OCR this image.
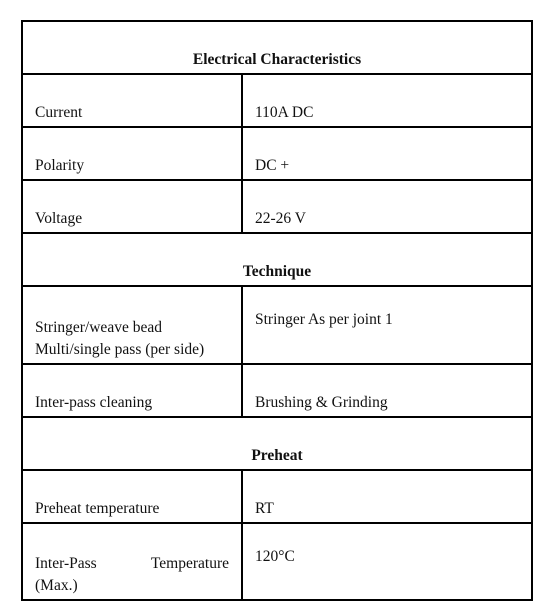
Electrical Characteristics	
Current	110A DC
Polarity	DC +
Voltage	22-26 V
Technique	

Stringer/weave bead
Multi/single pass (per side)	Stringer As per joint 1
Inter-pass cleaning	Brushing & Grinding
Preheat	
Preheat temperature	RT

Inter-Pass Temperature
(Max.)	120°C
